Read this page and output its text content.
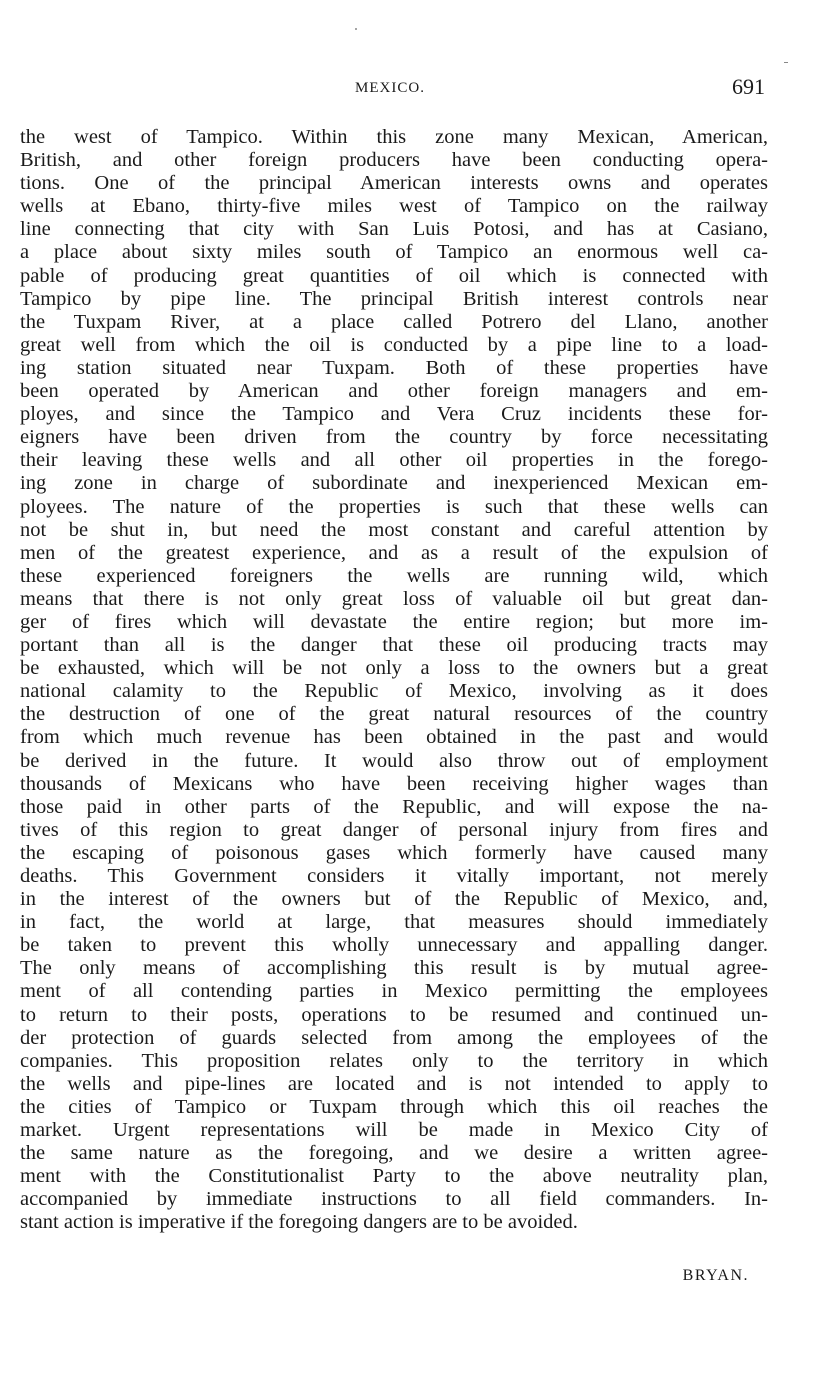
MEXICO.	691
the west of Tampico. Within this zone many Mexican, American,
British, and other foreign producers have been conducting opera-
tions. One of the principal American interests owns and operates
wells at Ebano, thirty-five miles west of Tampico on the railway
line connecting that city with San Luis Potosi, and has at Casiano,
a place about sixty miles south of Tampico an enormous well ca-
pable of producing great quantities of oil which is connected with
Tampico by pipe line. The principal British interest controls near
the Tuxpam River, at a place called Potrero del Llano, another
great well from which the oil is conducted by a pipe line to a load-
ing station situated near Tuxpam. Both of these properties have
been operated by American and other foreign managers and em-
ployes, and since the Tampico and Vera Cruz incidents these for-
eigners have been driven from the country by force necessitating
their leaving these wells and all other oil properties in the forego-
ing zone in charge of subordinate and inexperienced Mexican em-
ployees. The nature of the properties is such that these wells can
not be shut in, but need the most constant and careful attention by
men of the greatest experience, and as a result of the expulsion of
these experienced foreigners the wells are running wild, which
means that there is not only great loss of valuable oil but great dan-
ger of fires which will devastate the entire region; but more im-
portant than all is the danger that these oil producing tracts may
be exhausted, which will be not only a loss to the owners but a great
national calamity to the Republic of Mexico, involving as it does
the destruction of one of the great natural resources of the country
from which much revenue has been obtained in the past and would
be derived in the future. It would also throw out of employment
thousands of Mexicans who have been receiving higher wages than
those paid in other parts of the Republic, and will expose the na-
tives of this region to great danger of personal injury from fires and
the escaping of poisonous gases which formerly have caused many
deaths. This Government considers it vitally important, not merely
in the interest of the owners but of the Republic of Mexico, and,
in fact, the world at large, that measures should immediately
be taken to prevent this wholly unnecessary and appalling danger.
The only means of accomplishing this result is by mutual agree-
ment of all contending parties in Mexico permitting the employees
to return to their posts, operations to be resumed and continued un-
der protection of guards selected from among the employees of the
companies. This proposition relates only to the territory in which
the wells and pipe-lines are located and is not intended to apply to
the cities of Tampico or Tuxpam through which this oil reaches the
market. Urgent representations will be made in Mexico City of
the same nature as the foregoing, and we desire a written agree-
ment with the Constitutionalist Party to the above neutrality plan,
accompanied by immediate instructions to all field commanders. In-
stant action is imperative if the foregoing dangers are to be avoided.
BRYAN.
